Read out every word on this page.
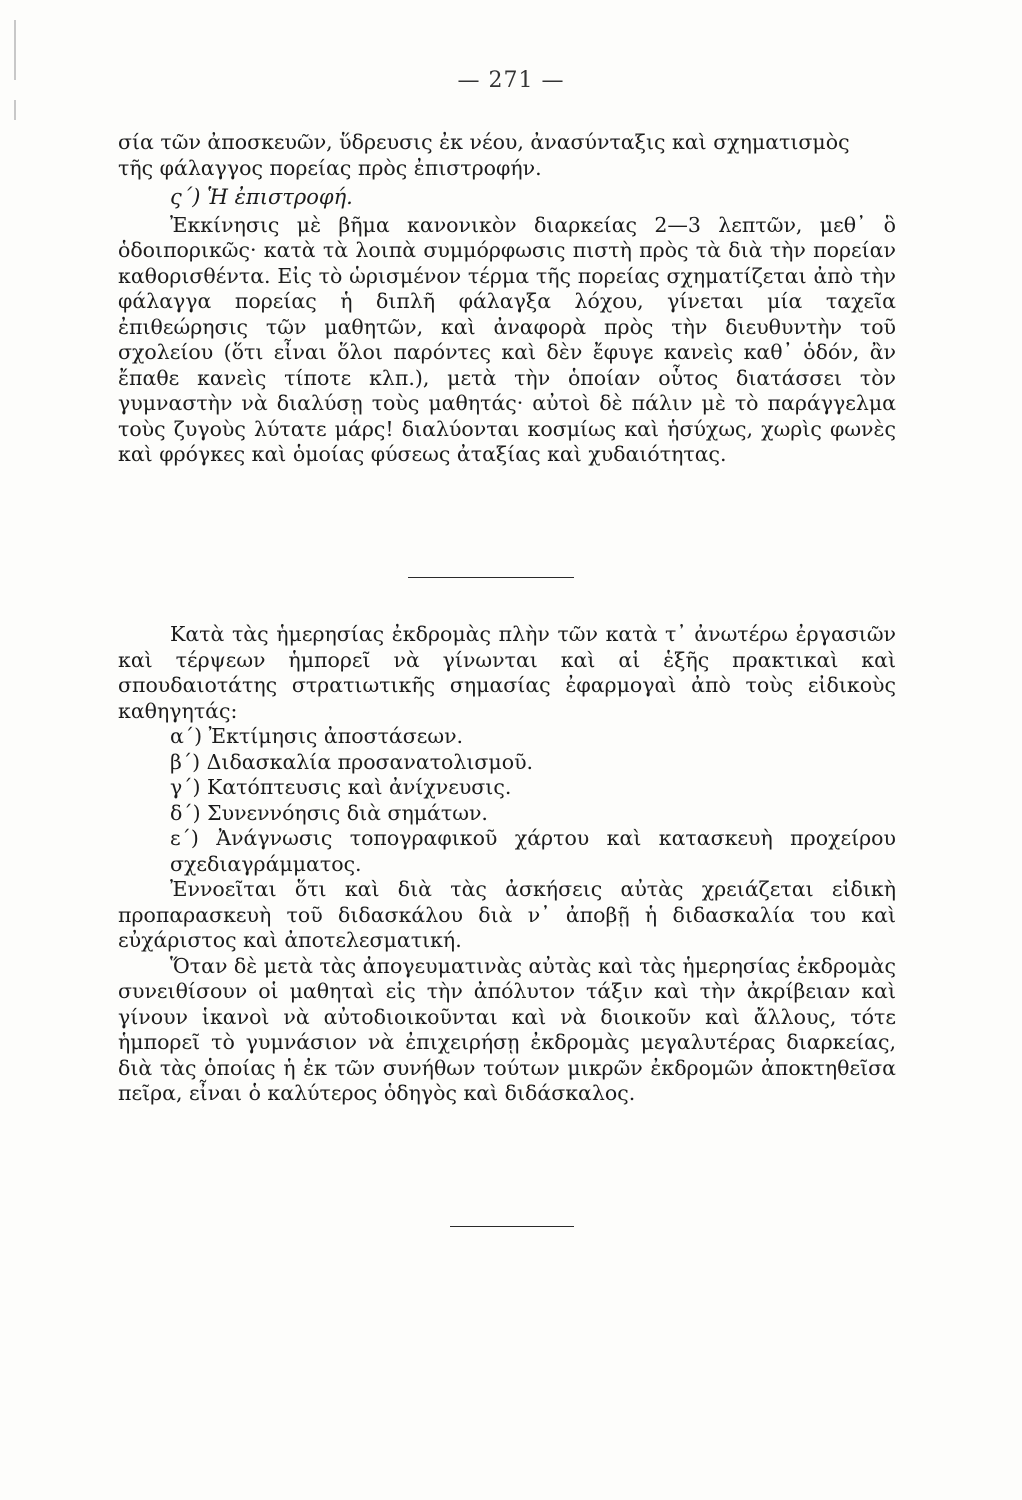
— 271 —

σία τῶν ἀποσκευῶν, ὕδρευσις ἐκ νέου, ἀνασύνταξις καὶ σχηματισμὸς

τῆς φάλαγγος πορείας πρὸς ἐπιστροφήν.

ς΄) Ἡ ἐπιστροφή.

Ἐκκίνησις μὲ βῆμα κανονικὸν διαρκείας 2—3 λεπτῶν, μεθ᾽ ὃ ὁδοιπορικῶς· κατὰ τὰ λοιπὰ συμμόρφωσις πιστὴ πρὸς τὰ διὰ τὴν πορείαν καθορισθέντα. Εἰς τὸ ὡρισμένον τέρμα τῆς πορείας σχηματίζεται ἀπὸ τὴν φάλαγγα πορείας ἡ διπλῆ φάλαγξα λόχου, γίνεται μία ταχεῖα ἐπιθεώρησις τῶν μαθητῶν, καὶ ἀναφορὰ πρὸς τὴν διευθυντὴν τοῦ σχολείου (ὅτι εἶναι ὅλοι παρόντες καὶ δὲν ἔφυγε κανεὶς καθ᾽ ὁδόν, ἂν ἔπαθε κανεὶς τίποτε κλπ.), μετὰ τὴν ὁποίαν οὗτος διατάσσει τὸν γυμναστὴν νὰ διαλύσῃ τοὺς μαθητάς· αὐτοὶ δὲ πάλιν μὲ τὸ παράγγελμα τοὺς ζυγοὺς λύτατε μάρς! διαλύονται κοσμίως καὶ ἡσύχως, χωρὶς φωνὲς καὶ φρόγκες καὶ ὁμοίας φύσεως ἀταξίας καὶ χυδαιότητας.

Κατὰ τὰς ἡμερησίας ἐκδρομὰς πλὴν τῶν κατὰ τ᾽ ἀνωτέρω ἐργασιῶν καὶ τέρψεων ἡμπορεῖ νὰ γίνωνται καὶ αἱ ἑξῆς πρακτικαὶ καὶ σπουδαιοτάτης στρατιωτικῆς σημασίας ἐφαρμογαὶ ἀπὸ τοὺς εἰδικοὺς καθηγητάς:

α΄) Ἐκτίμησις ἀποστάσεων.

β΄) Διδασκαλία προσανατολισμοῦ.

γ΄) Κατόπτευσις καὶ ἀνίχνευσις.

δ΄) Συνεννόησις διὰ σημάτων.

ε΄) Ἀνάγνωσις τοπογραφικοῦ χάρτου καὶ κατασκευὴ προχείρου σχεδιαγράμματος.

Ἐννοεῖται ὅτι καὶ διὰ τὰς ἀσκήσεις αὐτὰς χρειάζεται εἰδικὴ προπαρασκευὴ τοῦ διδασκάλου διὰ ν᾽ ἀποβῇ ἡ διδασκαλία του καὶ εὐχάριστος καὶ ἀποτελεσματική.

Ὅταν δὲ μετὰ τὰς ἀπογευματινὰς αὐτὰς καὶ τὰς ἡμερησίας ἐκδρομὰς συνειθίσουν οἱ μαθηταὶ εἰς τὴν ἀπόλυτον τάξιν καὶ τὴν ἀκρίβειαν καὶ γίνουν ἱκανοὶ νὰ αὐτοδιοικοῦνται καὶ νὰ διοικοῦν καὶ ἄλλους, τότε ἡμπορεῖ τὸ γυμνάσιον νὰ ἐπιχειρήσῃ ἐκδρομὰς μεγαλυτέρας διαρκείας, διὰ τὰς ὁποίας ἡ ἐκ τῶν συνήθων τούτων μικρῶν ἐκδρομῶν ἀποκτηθεῖσα πεῖρα, εἶναι ὁ καλύτερος ὁδηγὸς καὶ διδάσκαλος.
